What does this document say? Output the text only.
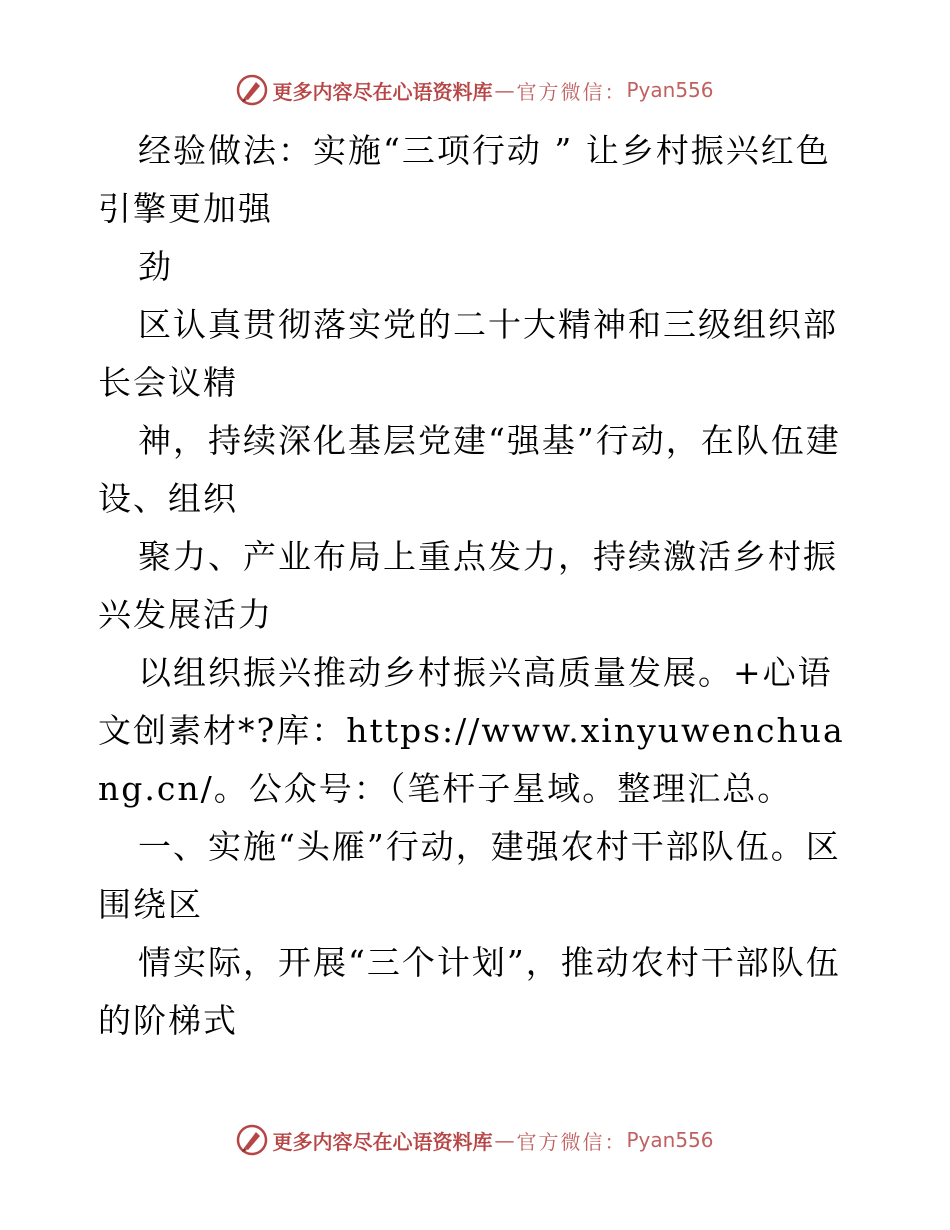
更多内容尽在心语资料库 — 官方微信： Pyan556

经验做法：实施“三项行动 ” 让乡村振兴红色引擎更加强

劲

区认真贯彻落实党的二十大精神和三级组织部长会议精

神，持续深化基层党建“强基”行动，在队伍建设、组织

聚力、产业布局上重点发力，持续激活乡村振兴发展活力

以组织振兴推动乡村振兴高质量发展。+心语文创素材*?库：https://www.xinyuwenchuang.cn/。公众号：（笔杆子星域。整理汇总。

一、实施“头雁”行动，建强农村干部队伍。区围绕区

情实际，开展“三个计划”，推动农村干部队伍的阶梯式

更多内容尽在心语资料库 — 官方微信： Pyan556
